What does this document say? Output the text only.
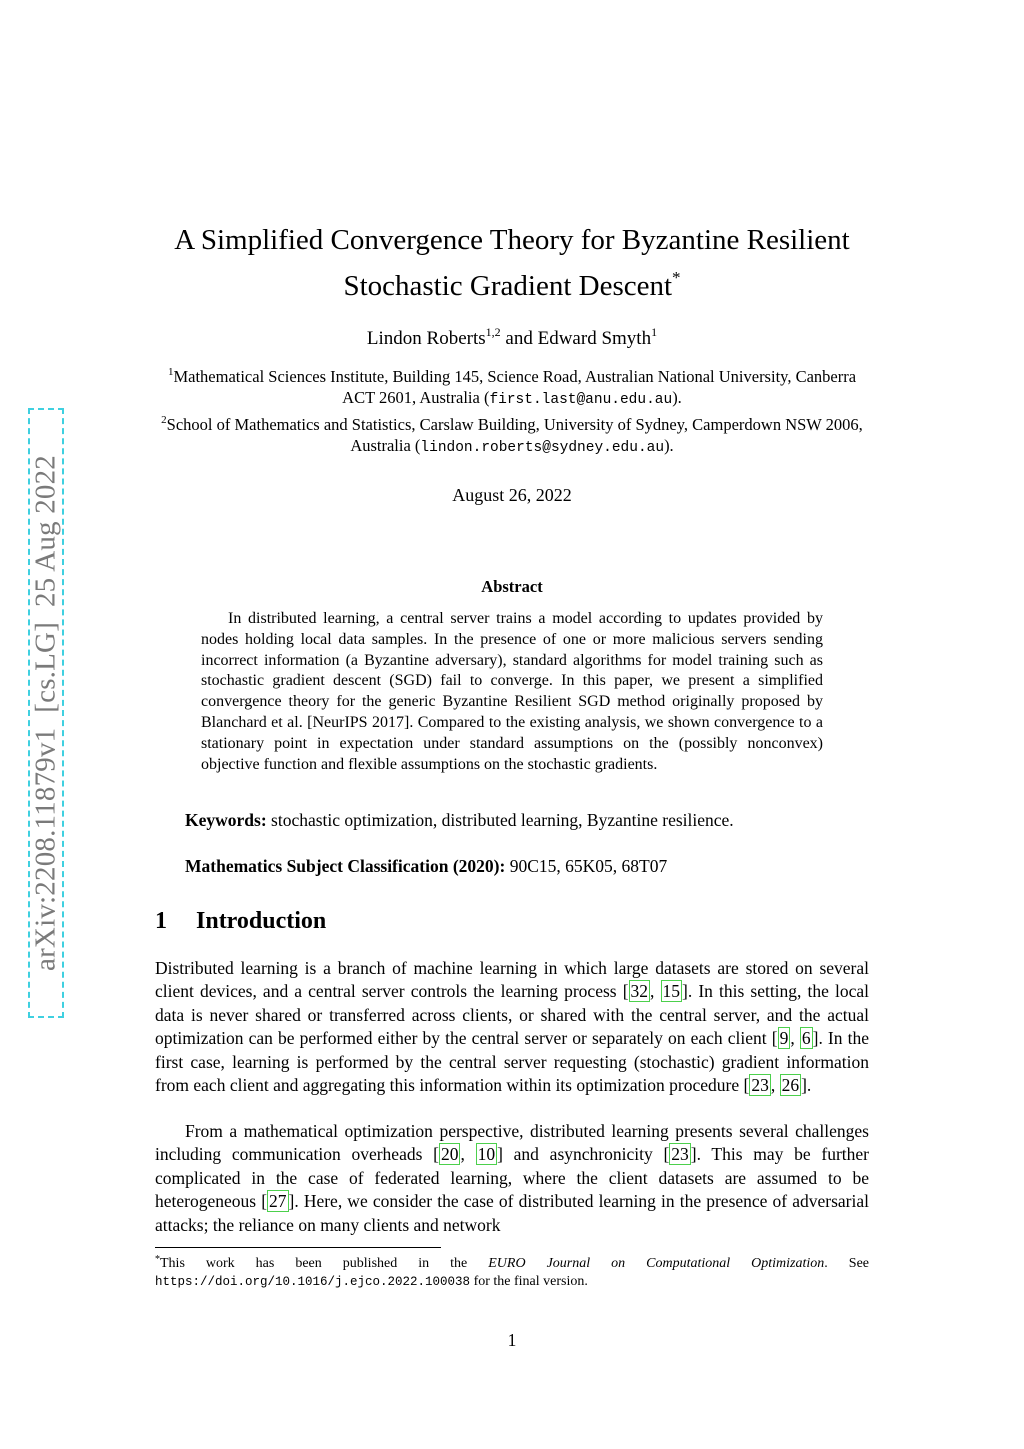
arXiv:2208.11879v1  [cs.LG]  25 Aug 2022
A Simplified Convergence Theory for Byzantine Resilient
Stochastic Gradient Descent*
Lindon Roberts$^{1,2}$ and Edward Smyth$^1$
$^1$Mathematical Sciences Institute, Building 145, Science Road, Australian National University, Canberra ACT 2601, Australia (first.last@anu.edu.au).
$^2$School of Mathematics and Statistics, Carslaw Building, University of Sydney, Camperdown NSW 2006, Australia (lindon.roberts@sydney.edu.au).
August 26, 2022
Abstract
In distributed learning, a central server trains a model according to updates provided by nodes holding local data samples. In the presence of one or more malicious servers sending incorrect information (a Byzantine adversary), standard algorithms for model training such as stochastic gradient descent (SGD) fail to converge. In this paper, we present a simplified convergence theory for the generic Byzantine Resilient SGD method originally proposed by Blanchard et al. [NeurIPS 2017]. Compared to the existing analysis, we shown convergence to a stationary point in expectation under standard assumptions on the (possibly nonconvex) objective function and flexible assumptions on the stochastic gradients.
Keywords: stochastic optimization, distributed learning, Byzantine resilience.
Mathematics Subject Classification (2020): 90C15, 65K05, 68T07
1 Introduction
Distributed learning is a branch of machine learning in which large datasets are stored on several client devices, and a central server controls the learning process [ 32 , 15 ]. In this setting, the local data is never shared or transferred across clients, or shared with the central server, and the actual optimization can be performed either by the central server or separately on each client [ 9 , 6 ]. In the first case, learning is performed by the central server requesting (stochastic) gradient information from each client and aggregating this information within its optimization procedure [ 23 , 26 ].
From a mathematical optimization perspective, distributed learning presents several challenges including communication overheads [ 20 , 10 ] and asynchronicity [ 23 ]. This may be further complicated in the case of federated learning, where the client datasets are assumed to be heterogeneous [ 27 ]. Here, we consider the case of distributed learning in the presence of adversarial attacks; the reliance on many clients and network
*This work has been published in the EURO Journal on Computational Optimization. See https://doi.org/10.1016/j.ejco.2022.100038 for the final version.
1
